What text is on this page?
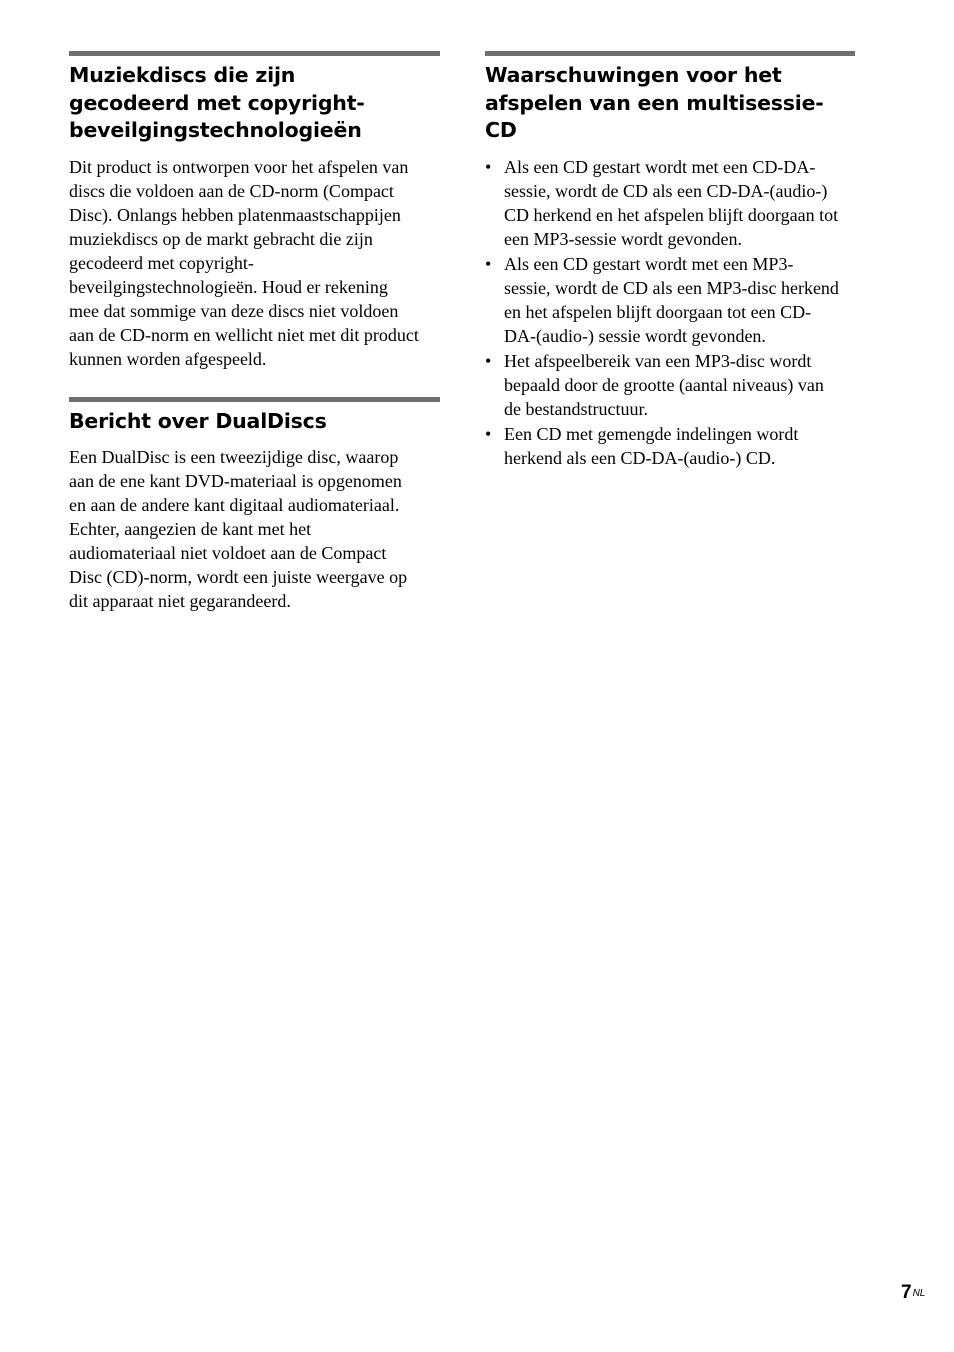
Muziekdiscs die zijn
gecodeerd met copyright-
beveilgingstechnologieën

Dit product is ontworpen voor het afspelen van
discs die voldoen aan de CD-norm (Compact
Disc). Onlangs hebben platenmaastschappijen
muziekdiscs op de markt gebracht die zijn
gecodeerd met copyright-
beveilgingstechnologieën. Houd er rekening
mee dat sommige van deze discs niet voldoen
aan de CD-norm en wellicht niet met dit product
kunnen worden afgespeeld.

Bericht over DualDiscs

Een DualDisc is een tweezijdige disc, waarop
aan de ene kant DVD-materiaal is opgenomen
en aan de andere kant digitaal audiomateriaal.
Echter, aangezien de kant met het
audiomateriaal niet voldoet aan de Compact
Disc (CD)-norm, wordt een juiste weergave op
dit apparaat niet gegarandeerd.

Waarschuwingen voor het
afspelen van een multisessie-
CD
• Als een CD gestart wordt met een CD-DA-
sessie, wordt de CD als een CD-DA-(audio-)
CD herkend en het afspelen blijft doorgaan tot
een MP3-sessie wordt gevonden.
• Als een CD gestart wordt met een MP3-
sessie, wordt de CD als een MP3-disc herkend
en het afspelen blijft doorgaan tot een CD-
DA-(audio-) sessie wordt gevonden.
• Het afspeelbereik van een MP3-disc wordt
bepaald door de grootte (aantal niveaus) van
de bestandstructuur.
• Een CD met gemengde indelingen wordt
herkend als een CD-DA-(audio-) CD.
$7^{NL}$
